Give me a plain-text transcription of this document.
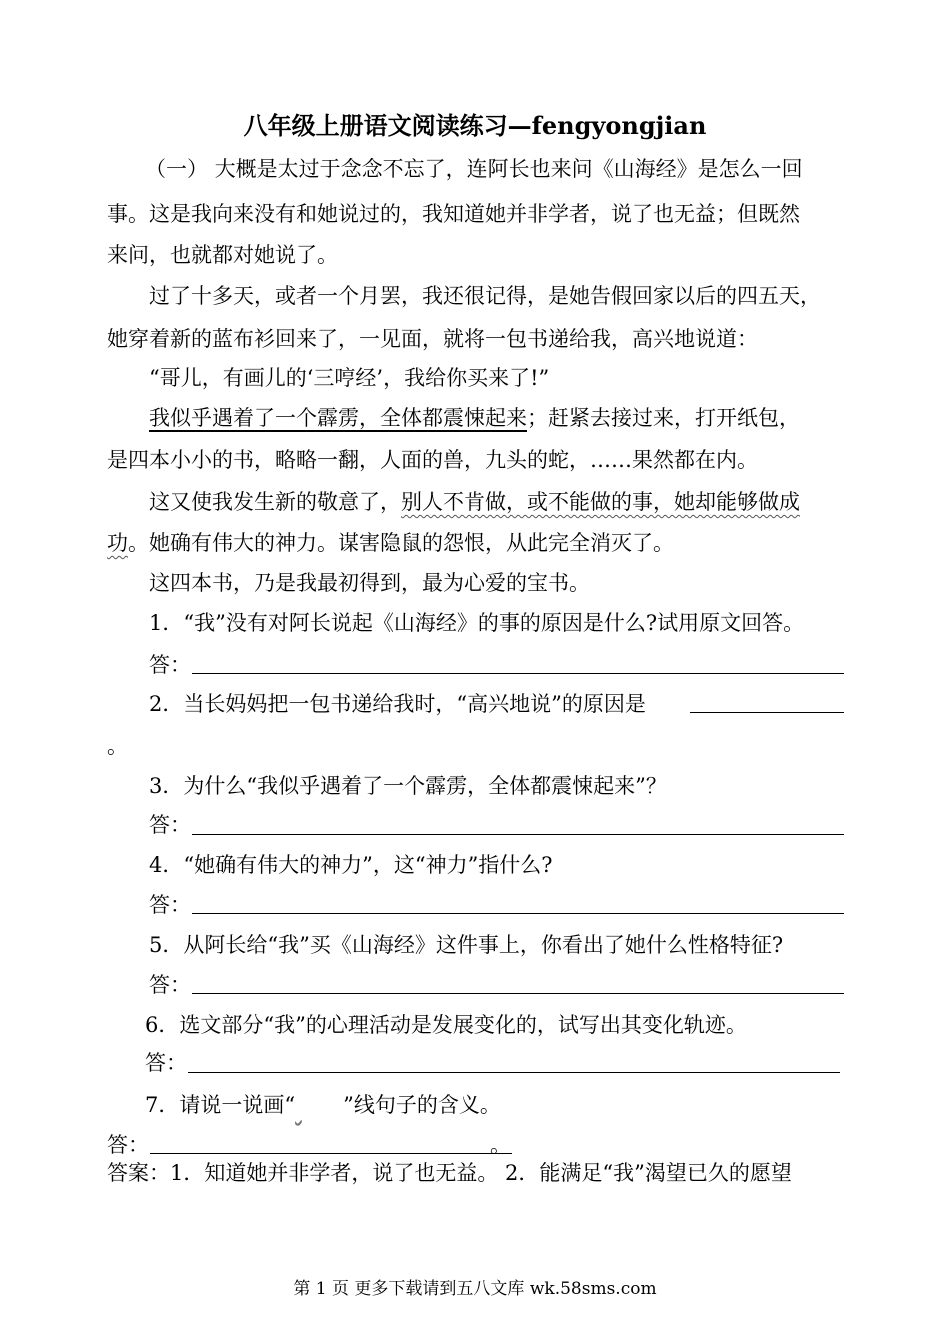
八年级上册语文阅读练习—fengyongjian
（一） 大概是太过于念念不忘了，连阿长也来问《山海经》是怎么一回
事。这是我向来没有和她说过的，我知道她并非学者，说了也无益；但既然
来问，也就都对她说了。
过了十多天，或者一个月罢，我还很记得，是她告假回家以后的四五天，
她穿着新的蓝布衫回来了，一见面，就将一包书递给我，高兴地说道：
“哥儿，有画儿的‘三哼经’，我给你买来了!”
我似乎遇着了一个霹雳，全体都震悚起来；赶紧去接过来，打开纸包，
是四本小小的书，略略一翻，人面的兽，九头的蛇，……果然都在内。
这又使我发生新的敬意了，别人不肯做，或不能做的事，她却能够做成
功。她确有伟大的神力。谋害隐鼠的怨恨，从此完全消灭了。
这四本书，乃是我最初得到，最为心爱的宝书。
1．“我”没有对阿长说起《山海经》的事的原因是什么?试用原文回答。
答：
2．当长妈妈把一包书递给我时，“高兴地说”的原因是
。
3．为什么“我似乎遇着了一个霹雳，全体都震悚起来”？
答：
4．“她确有伟大的神力”，这“神力”指什么?
答：
5．从阿长给“我”买《山海经》这件事上，你看出了她什么性格特征?
答：
6．选文部分“我”的心理活动是发展变化的，试写出其变化轨迹。
答：
7．请说一说画“ ”线句子的含义。
答：	。
答案：1．知道她并非学者，说了也无益。 2．能满足“我”渴望已久的愿望
第 1 页 更多下载请到五八文库 wk.58sms.com
